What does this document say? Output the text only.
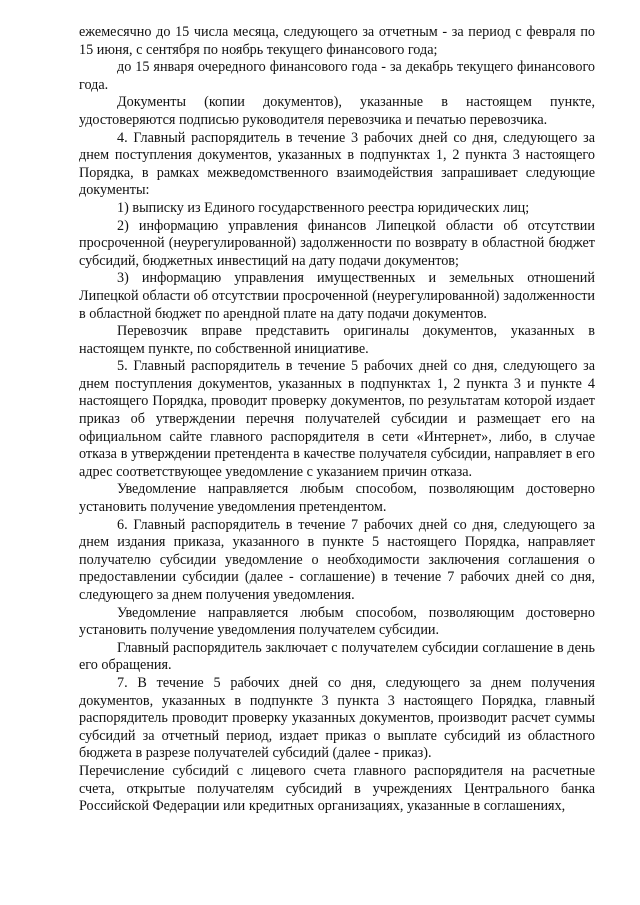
ежемесячно до 15 числа месяца, следующего за отчетным - за период с февраля по 15 июня, с сентября по ноябрь текущего финансового года;

до 15 января очередного финансового года - за декабрь текущего финансового года.

Документы (копии документов), указанные в настоящем пункте, удостоверяются подписью руководителя перевозчика и печатью перевозчика.

4. Главный распорядитель в течение 3 рабочих дней со дня, следующего за днем поступления документов, указанных в подпунктах 1, 2 пункта 3 настоящего Порядка, в рамках межведомственного взаимодействия запрашивает следующие документы:

1) выписку из Единого государственного реестра юридических лиц;

2) информацию управления финансов Липецкой области об отсутствии просроченной (неурегулированной) задолженности по возврату в областной бюджет субсидий, бюджетных инвестиций на дату подачи документов;

3) информацию управления имущественных и земельных отношений Липецкой области об отсутствии просроченной (неурегулированной) задолженности в областной бюджет по арендной плате на дату подачи документов.

Перевозчик вправе представить оригиналы документов, указанных в настоящем пункте, по собственной инициативе.

5. Главный распорядитель в течение 5 рабочих дней со дня, следующего за днем поступления документов, указанных в подпунктах 1, 2 пункта 3 и пункте 4 настоящего Порядка, проводит проверку документов, по результатам которой издает приказ об утверждении перечня получателей субсидии и размещает его на официальном сайте главного распорядителя в сети «Интернет», либо, в случае отказа в утверждении претендента в качестве получателя субсидии, направляет в его адрес соответствующее уведомление с указанием причин отказа.

Уведомление направляется любым способом, позволяющим достоверно установить получение уведомления претендентом.

6. Главный распорядитель в течение 7 рабочих дней со дня, следующего за днем издания приказа, указанного в пункте 5 настоящего Порядка, направляет получателю субсидии уведомление о необходимости заключения соглашения о предоставлении субсидии (далее - соглашение) в течение 7 рабочих дней со дня, следующего за днем получения уведомления.

Уведомление направляется любым способом, позволяющим достоверно установить получение уведомления получателем субсидии.

Главный распорядитель заключает с получателем субсидии соглашение в день его обращения.

7. В течение 5 рабочих дней со дня, следующего за днем получения документов, указанных в подпункте 3 пункта 3 настоящего Порядка, главный распорядитель проводит проверку указанных документов, производит расчет суммы субсидий за отчетный период, издает приказ о выплате субсидий из областного бюджета в разрезе получателей субсидий (далее - приказ).

Перечисление субсидий с лицевого счета главного распорядителя на расчетные счета, открытые получателям субсидий в учреждениях Центрального банка Российской Федерации или кредитных организациях, указанные в соглашениях,
